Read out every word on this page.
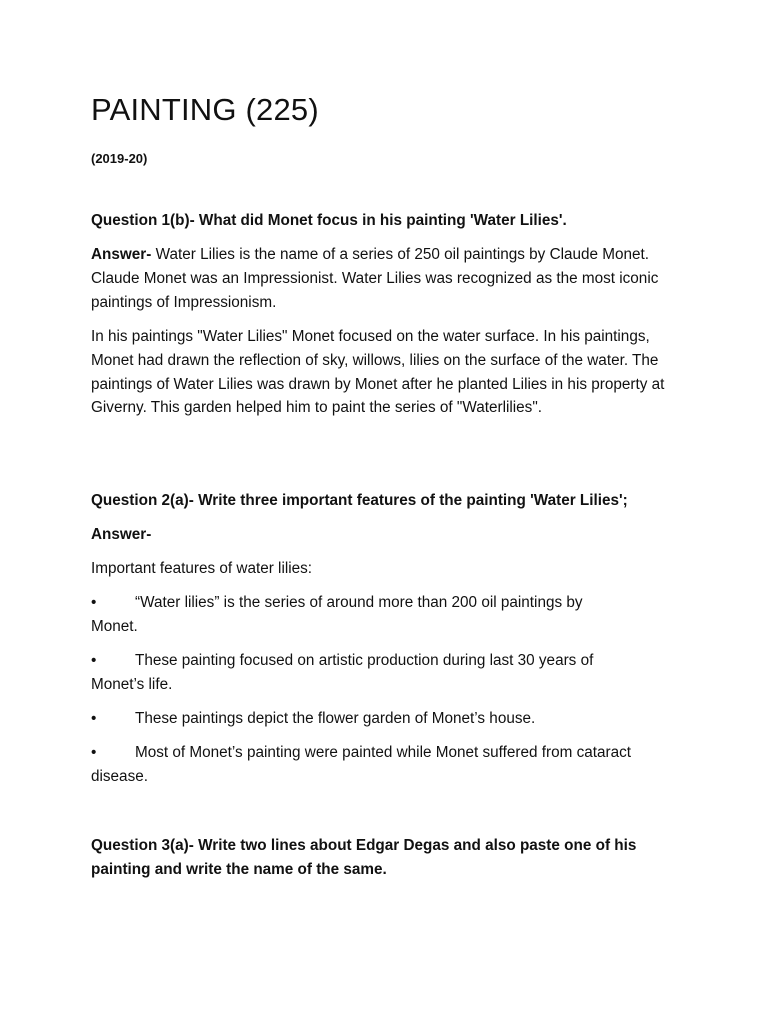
PAINTING (225)

(2019-20)

Question 1(b)- What did Monet focus in his painting 'Water Lilies'.

Answer- Water Lilies is the name of a series of 250 oil paintings by Claude Monet. Claude Monet was an Impressionist. Water Lilies was recognized as the most iconic paintings of Impressionism.

In his paintings "Water Lilies" Monet focused on the water surface. In his paintings, Monet had drawn the reflection of sky, willows, lilies on the surface of the water. The paintings of Water Lilies was drawn by Monet after he planted Lilies in his property at Giverny. This garden helped him to paint the series of "Waterlilies".

Question 2(a)- Write three important features of the painting 'Water Lilies';

Answer-

Important features of water lilies:

•	“Water lilies” is the series of around more than 200 oil paintings by
Monet.
•	These painting focused on artistic production during last 30 years of
Monet’s life.
•	These paintings depict the flower garden of Monet’s house.
•	Most of Monet’s painting were painted while Monet suffered from cataract
disease.

Question 3(a)- Write two lines about Edgar Degas and also paste one of his painting and write the name of the same.
